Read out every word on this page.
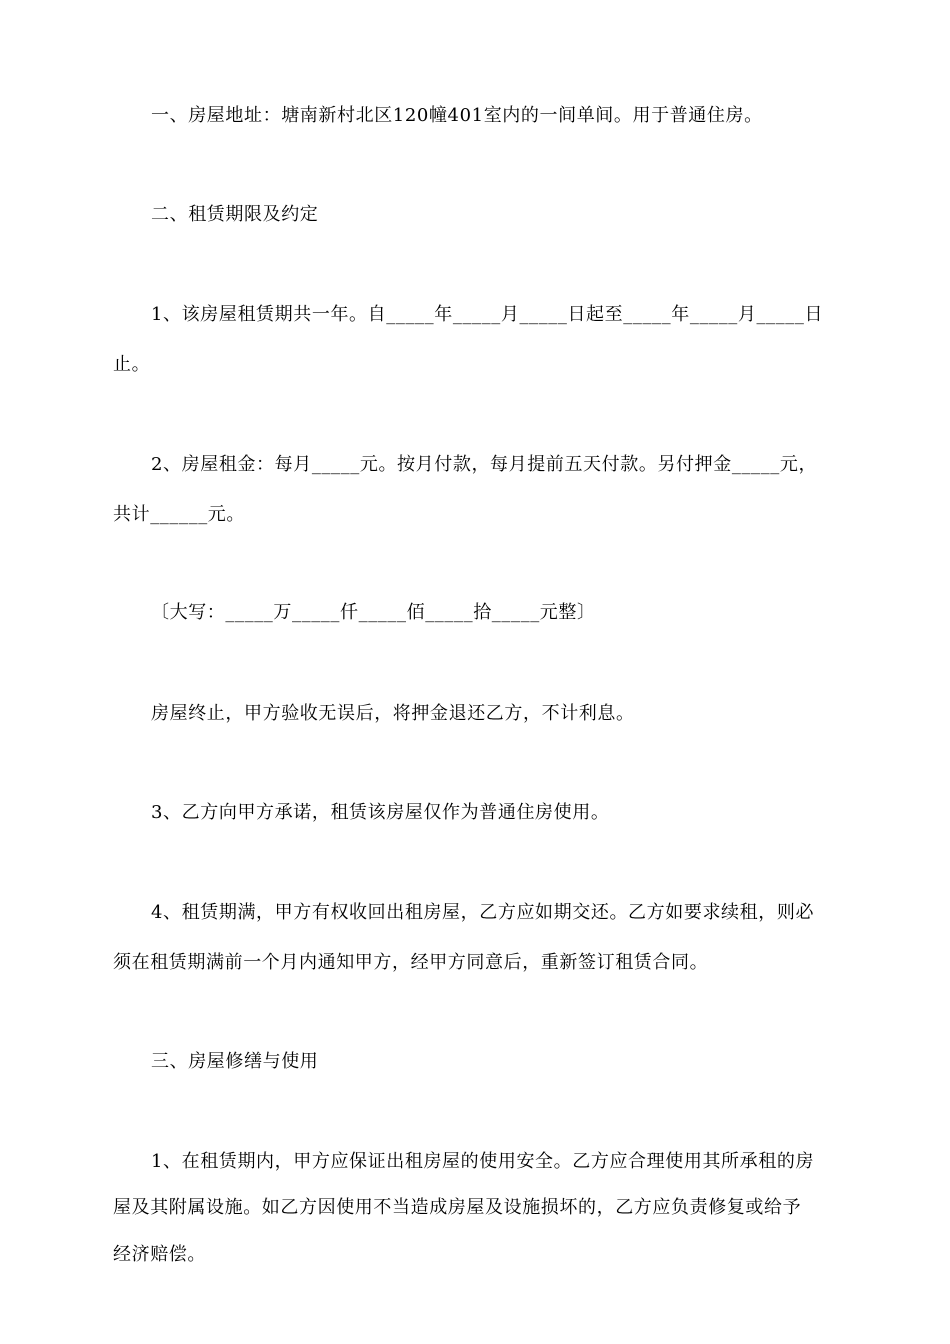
一、房屋地址：塘南新村北区120幢401室内的一间单间。用于普通住房。
二、租赁期限及约定
1、该房屋租赁期共一年。自_____年_____月_____日起至_____年_____月_____日
止。
2、房屋租金：每月_____元。按月付款，每月提前五天付款。另付押金_____元，
共计______元。
〔大写：_____万_____仟_____佰_____拾_____元整〕
房屋终止，甲方验收无误后，将押金退还乙方，不计利息。
3、乙方向甲方承诺，租赁该房屋仅作为普通住房使用。
4、租赁期满，甲方有权收回出租房屋，乙方应如期交还。乙方如要求续租，则必
须在租赁期满前一个月内通知甲方，经甲方同意后，重新签订租赁合同。
三、房屋修缮与使用
1、在租赁期内，甲方应保证出租房屋的使用安全。乙方应合理使用其所承租的房
屋及其附属设施。如乙方因使用不当造成房屋及设施损坏的，乙方应负责修复或给予
经济赔偿。
